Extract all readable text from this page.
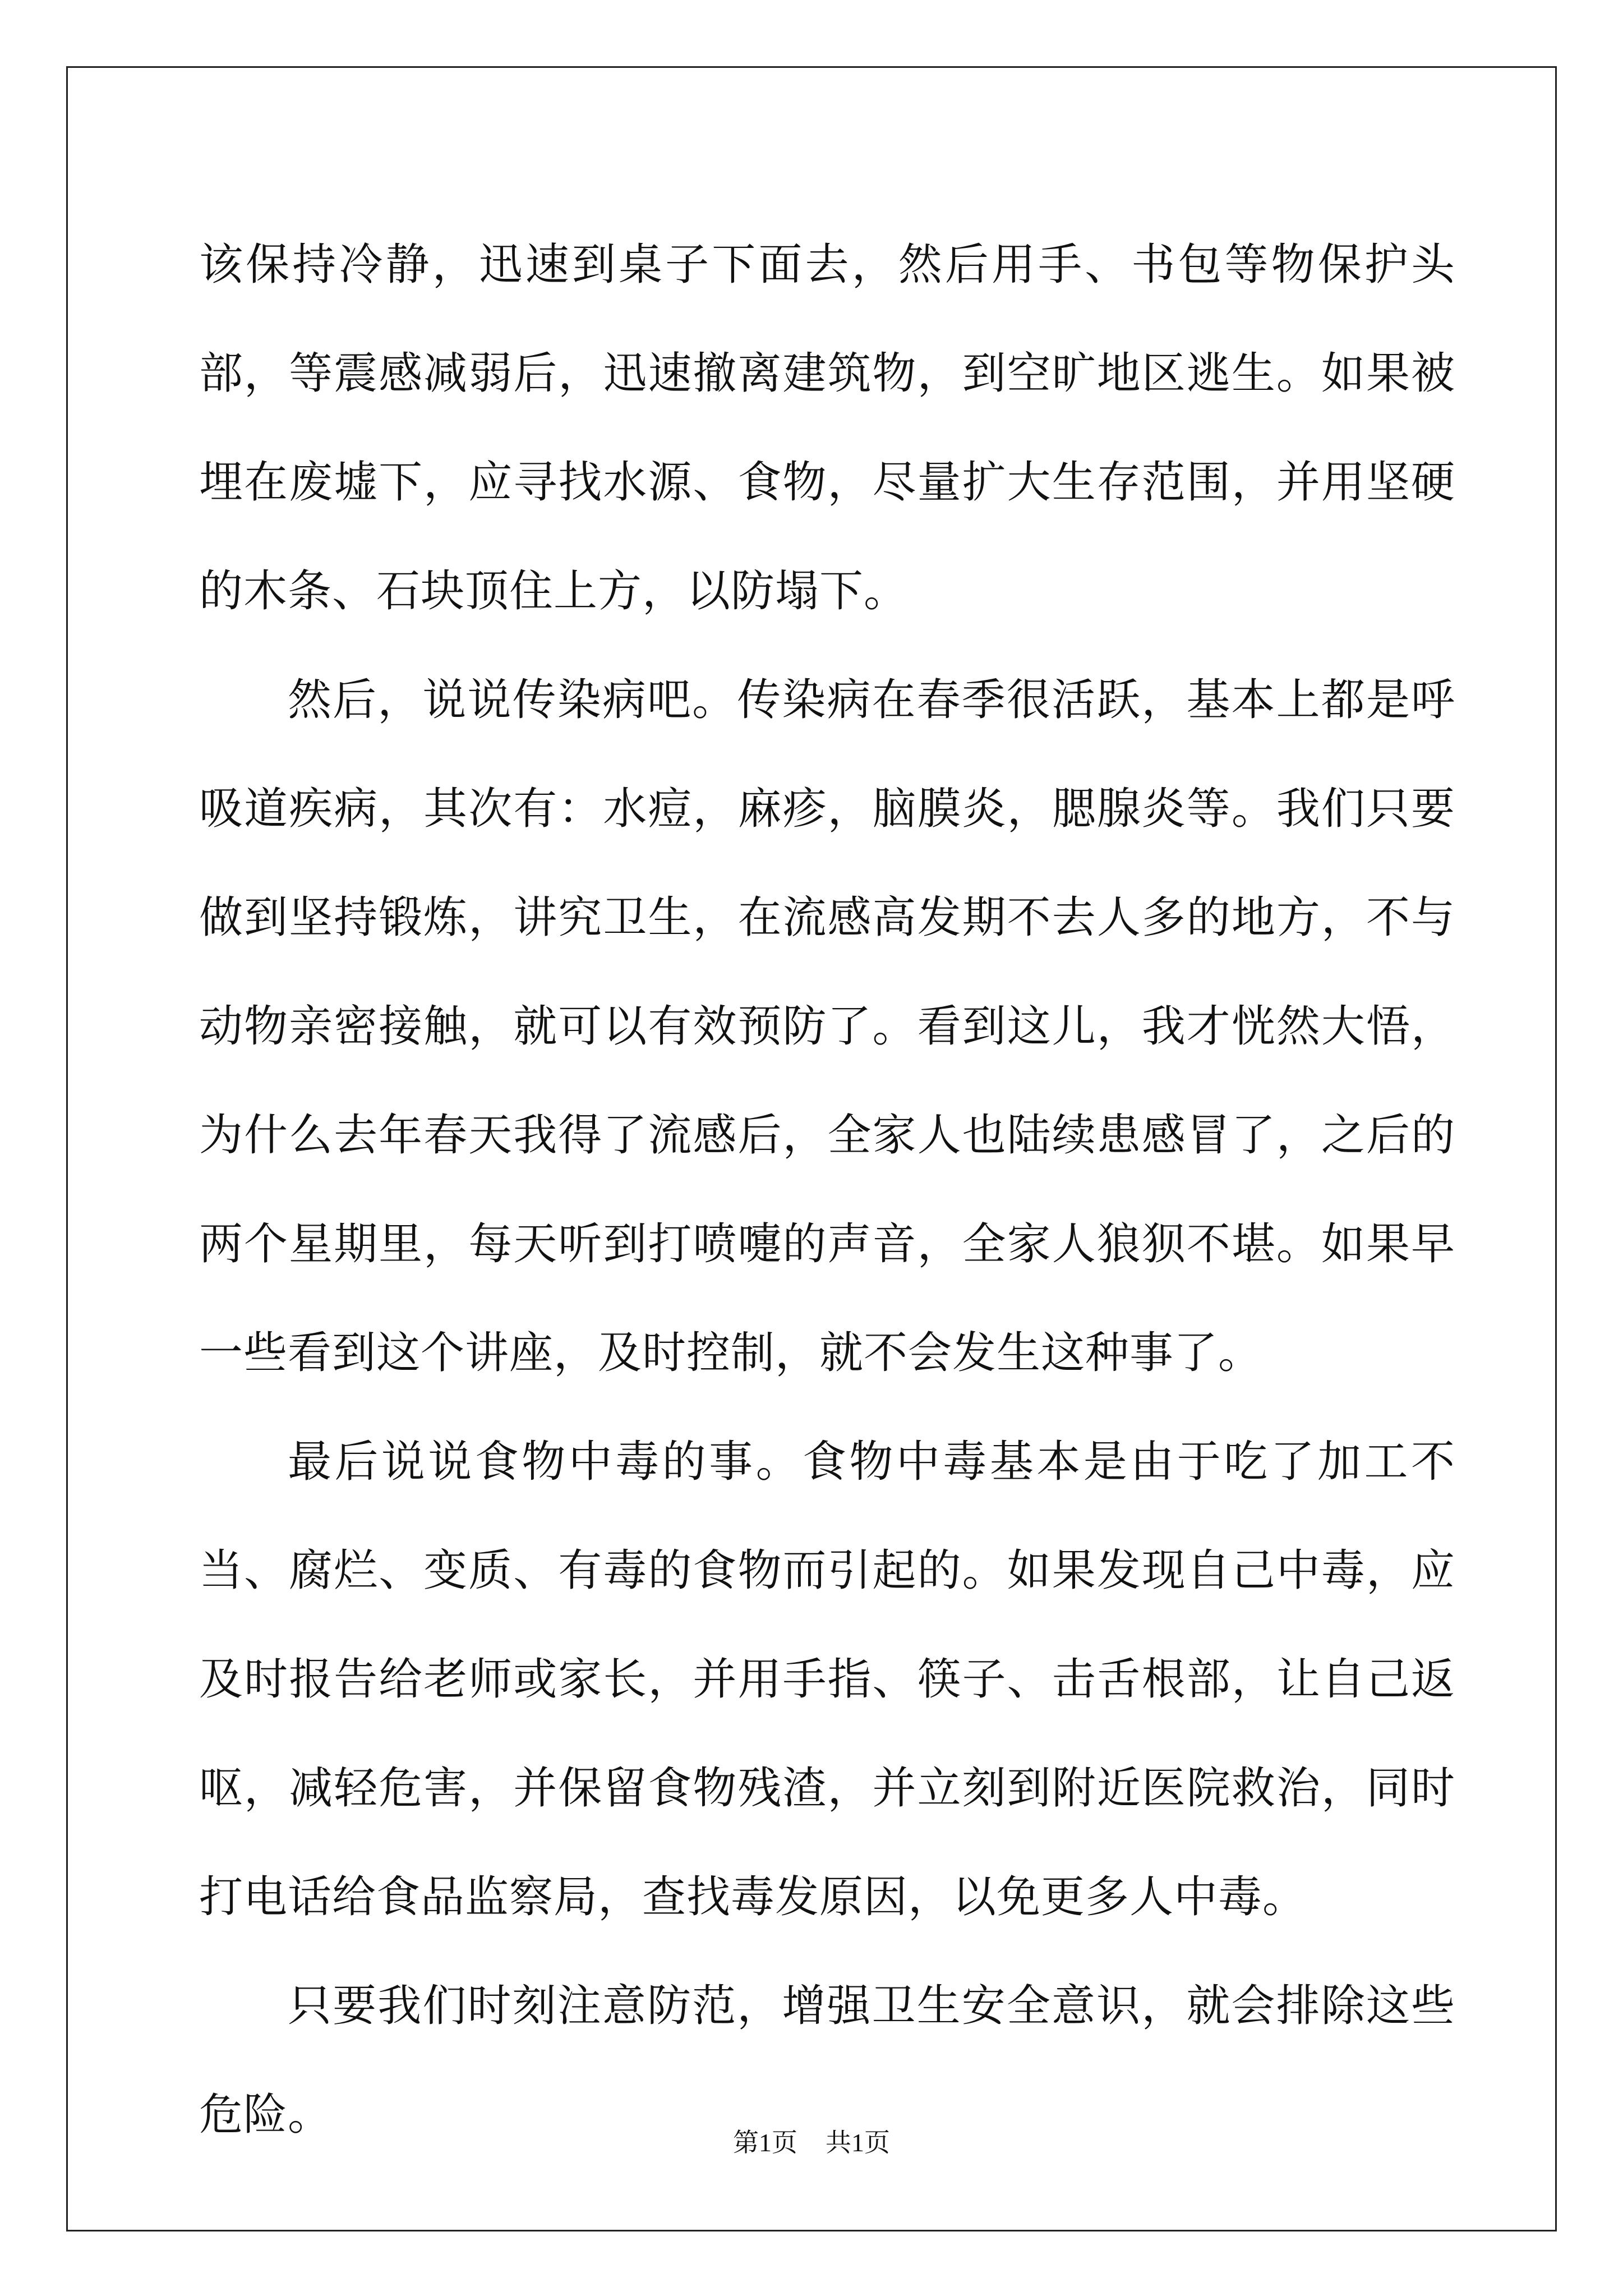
该保持冷静，迅速到桌子下面去，然后用手、书包等物保护头部，等震感减弱后，迅速撤离建筑物，到空旷地区逃生。如果被埋在废墟下，应寻找水源、食物，尽量扩大生存范围，并用坚硬的木条、石块顶住上方，以防塌下。

然后，说说传染病吧。传染病在春季很活跃，基本上都是呼吸道疾病，其次有：水痘，麻疹，脑膜炎，腮腺炎等。我们只要做到坚持锻炼，讲究卫生，在流感高发期不去人多的地方，不与动物亲密接触，就可以有效预防了。看到这儿，我才恍然大悟，为什么去年春天我得了流感后，全家人也陆续患感冒了，之后的两个星期里，每天听到打喷嚏的声音，全家人狼狈不堪。如果早一些看到这个讲座，及时控制，就不会发生这种事了。

最后说说食物中毒的事。食物中毒基本是由于吃了加工不当、腐烂、变质、有毒的食物而引起的。如果发现自己中毒，应及时报告给老师或家长，并用手指、筷子、击舌根部，让自己返呕，减轻危害，并保留食物残渣，并立刻到附近医院救治，同时打电话给食品监察局，查找毒发原因，以免更多人中毒。

只要我们时刻注意防范，增强卫生安全意识，就会排除这些危险。

第1页 共1页
